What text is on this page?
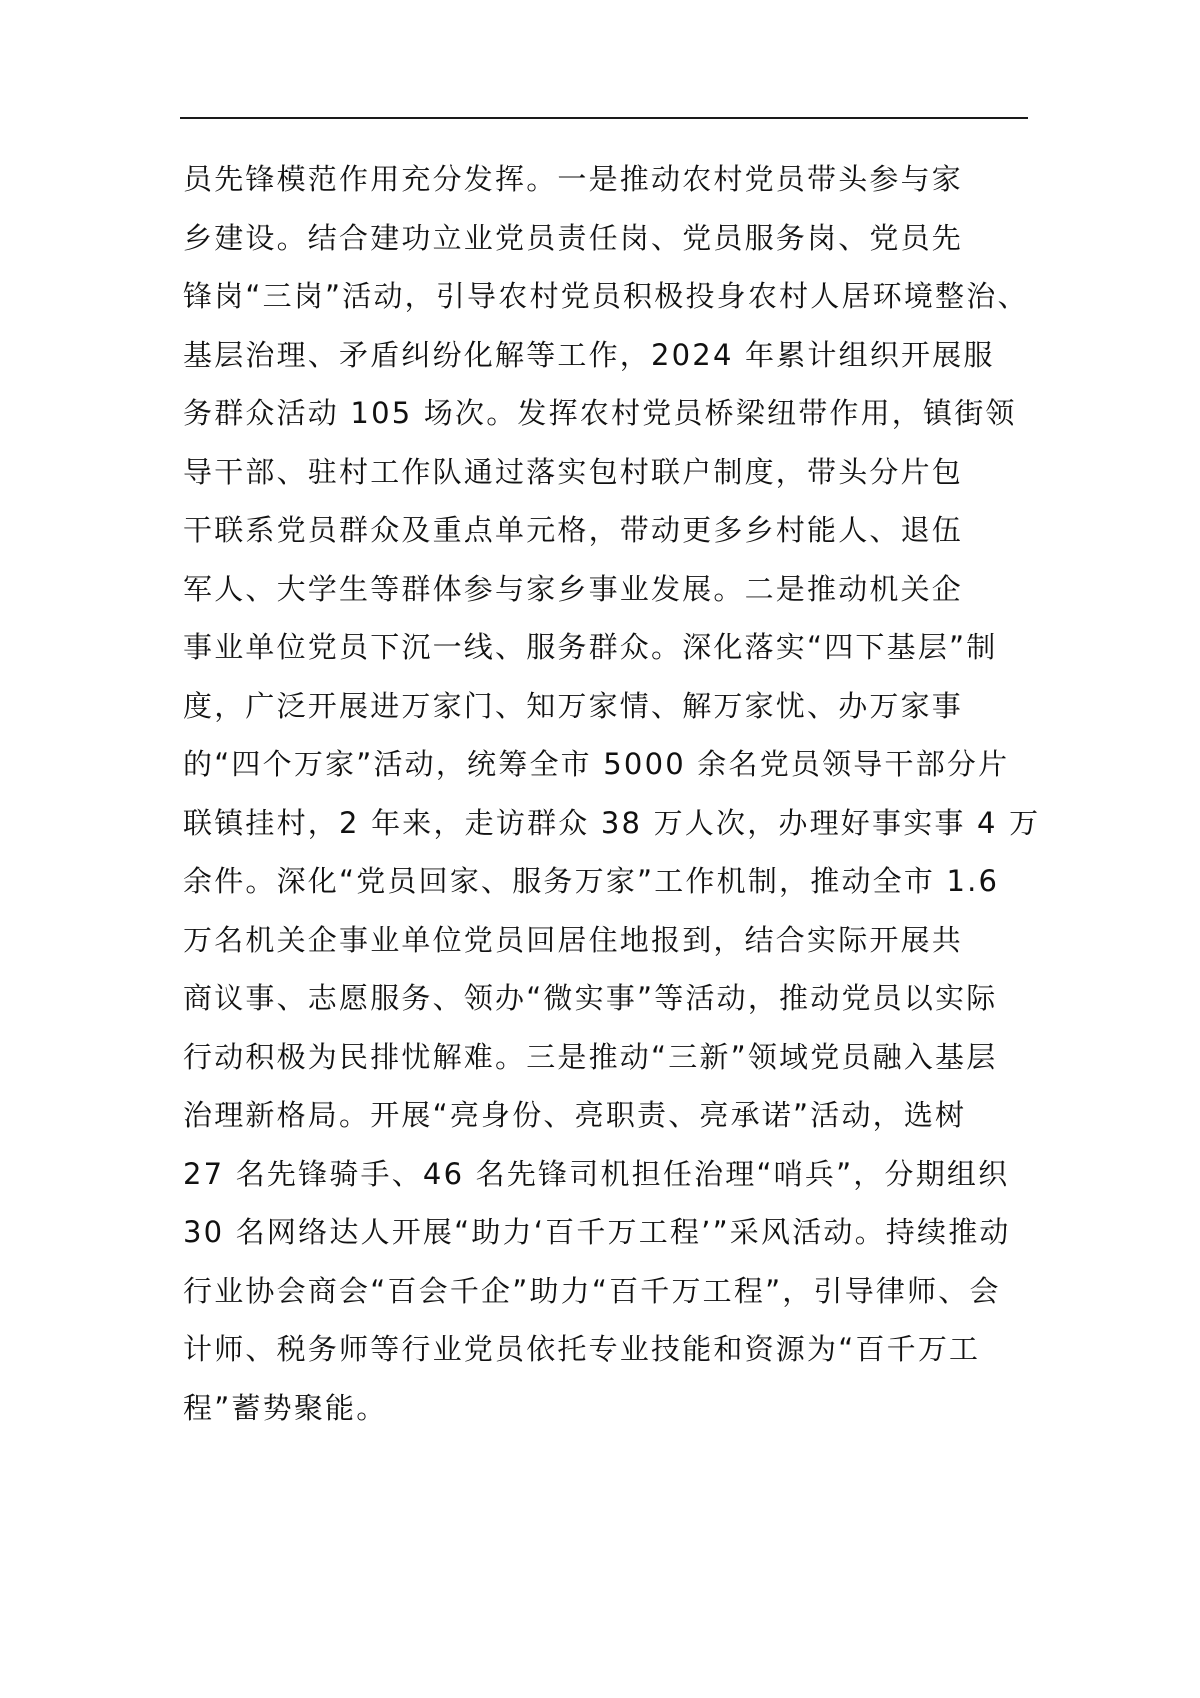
员先锋模范作用充分发挥。一是推动农村党员带头参与家
乡建设。结合建功立业党员责任岗、党员服务岗、党员先
锋岗“三岗”活动，引导农村党员积极投身农村人居环境整治、
基层治理、矛盾纠纷化解等工作，2024 年累计组织开展服
务群众活动 105 场次。发挥农村党员桥梁纽带作用，镇街领
导干部、驻村工作队通过落实包村联户制度，带头分片包
干联系党员群众及重点单元格，带动更多乡村能人、退伍
军人、大学生等群体参与家乡事业发展。二是推动机关企
事业单位党员下沉一线、服务群众。深化落实“四下基层”制
度，广泛开展进万家门、知万家情、解万家忧、办万家事
的“四个万家”活动，统筹全市 5000 余名党员领导干部分片
联镇挂村，2 年来，走访群众 38 万人次，办理好事实事 4 万
余件。深化“党员回家、服务万家”工作机制，推动全市 1.6
万名机关企事业单位党员回居住地报到，结合实际开展共
商议事、志愿服务、领办“微实事”等活动，推动党员以实际
行动积极为民排忧解难。三是推动“三新”领域党员融入基层
治理新格局。开展“亮身份、亮职责、亮承诺”活动，选树
27 名先锋骑手、46 名先锋司机担任治理“哨兵”，分期组织
30 名网络达人开展“助力‘百千万工程’”采风活动。持续推动
行业协会商会“百会千企”助力“百千万工程”，引导律师、会
计师、税务师等行业党员依托专业技能和资源为“百千万工
程”蓄势聚能。
